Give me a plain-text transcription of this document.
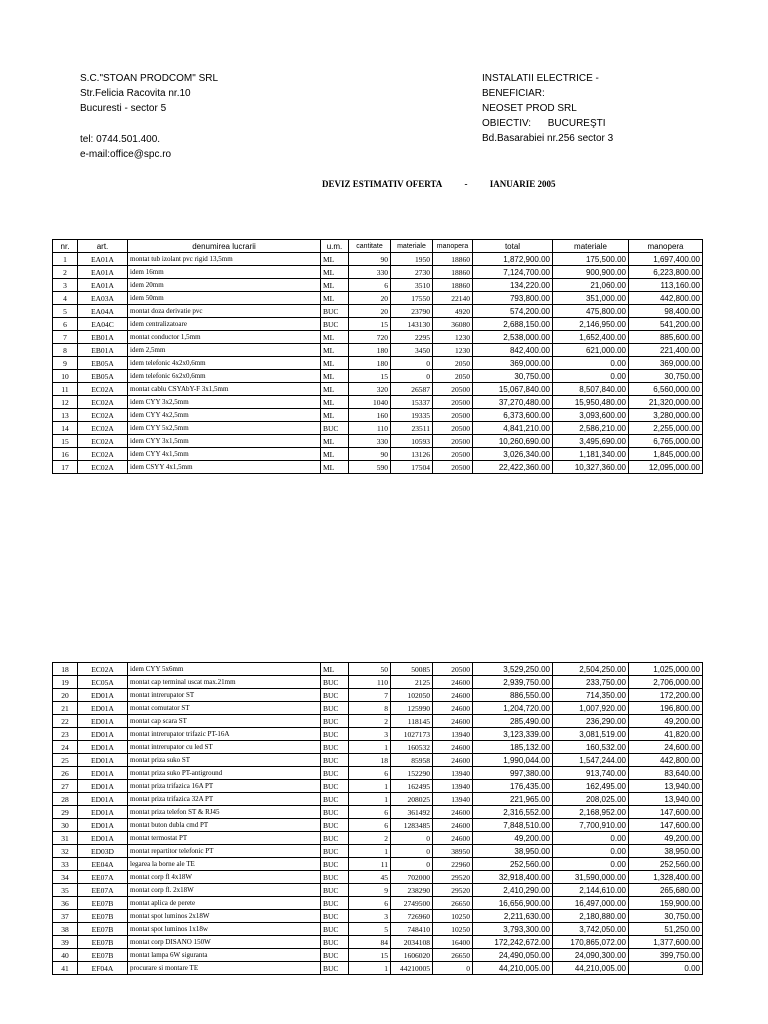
S.C."STOAN PRODCOM" SRL
Str.Felicia Racovita nr.10
Bucuresti - sector 5
tel: 0744.501.400.
e-mail:office@spc.ro
INSTALATII ELECTRICE -
BENEFICIAR:
NEOSET PROD SRL
OBIECTIV:      BUCUREŞTI
Bd.Basarabiei nr.256 sector 3
DEVIZ ESTIMATIV OFERTA - IANUARIE 2005
nr.	art.	denumirea lucrarii	u.m.	cantitate	materiale	manopera	total	materiale	manopera
1	EA01A	montat tub izolant pvc rigid 13,5mm	ML	90	1950	18860	1,872,900.00	175,500.00	1,697,400.00
2	EA01A	idem 16mm	ML	330	2730	18860	7,124,700.00	900,900.00	6,223,800.00
3	EA01A	idem 20mm	ML	6	3510	18860	134,220.00	21,060.00	113,160.00
4	EA03A	idem 50mm	ML	20	17550	22140	793,800.00	351,000.00	442,800.00
5	EA04A	montat doza derivatie pvc	BUC	20	23790	4920	574,200.00	475,800.00	98,400.00
6	EA04C	idem centralizatoare	BUC	15	143130	36080	2,688,150.00	2,146,950.00	541,200.00
7	EB01A	montat conductor 1,5mm	ML	720	2295	1230	2,538,000.00	1,652,400.00	885,600.00
8	EB01A	idem 2,5mm	ML	180	3450	1230	842,400.00	621,000.00	221,400.00
9	EB05A	idem telefonic 4x2x0,6mm	ML	180	0	2050	369,000.00	0.00	369,000.00
10	EB05A	idem telefonic 6x2x0,6mm	ML	15	0	2050	30,750.00	0.00	30,750.00
11	EC02A	montat cablu CSYAbY-F 3x1,5mm	ML	320	26587	20500	15,067,840.00	8,507,840.00	6,560,000.00
12	EC02A	idem CYY 3x2,5mm	ML	1040	15337	20500	37,270,480.00	15,950,480.00	21,320,000.00
13	EC02A	idem CYY 4x2,5mm	ML	160	19335	20500	6,373,600.00	3,093,600.00	3,280,000.00
14	EC02A	idem CYY 5x2,5mm	BUC	110	23511	20500	4,841,210.00	2,586,210.00	2,255,000.00
15	EC02A	idem CYY 3x1,5mm	ML	330	10593	20500	10,260,690.00	3,495,690.00	6,765,000.00
16	EC02A	idem CYY 4x1,5mm	ML	90	13126	20500	3,026,340.00	1,181,340.00	1,845,000.00
17	EC02A	idem CSYY 4x1,5mm	ML	590	17504	20500	22,422,360.00	10,327,360.00	12,095,000.00
18	EC02A	idem CYY 5x6mm	ML	50	50085	20500	3,529,250.00	2,504,250.00	1,025,000.00
19	EC05A	montat cap terminal uscat max.21mm	BUC	110	2125	24600	2,939,750.00	233,750.00	2,706,000.00
20	ED01A	montat intrerupator ST	BUC	7	102050	24600	886,550.00	714,350.00	172,200.00
21	ED01A	montat comutator ST	BUC	8	125990	24600	1,204,720.00	1,007,920.00	196,800.00
22	ED01A	montat cap scara ST	BUC	2	118145	24600	285,490.00	236,290.00	49,200.00
23	ED01A	montat intrerupator trifazic PT-16A	BUC	3	1027173	13940	3,123,339.00	3,081,519.00	41,820.00
24	ED01A	montat intrerupator cu led ST	BUC	1	160532	24600	185,132.00	160,532.00	24,600.00
25	ED01A	montat priza suko ST	BUC	18	85958	24600	1,990,044.00	1,547,244.00	442,800.00
26	ED01A	montat priza suko PT-antiground	BUC	6	152290	13940	997,380.00	913,740.00	83,640.00
27	ED01A	montat priza trifazica 16A PT	BUC	1	162495	13940	176,435.00	162,495.00	13,940.00
28	ED01A	montat priza trifazica 32A PT	BUC	1	208025	13940	221,965.00	208,025.00	13,940.00
29	ED01A	montat priza telefon ST & RJ45	BUC	6	361492	24600	2,316,552.00	2,168,952.00	147,600.00
30	ED01A	montat buton dubla cmd PT	BUC	6	1283485	24600	7,848,510.00	7,700,910.00	147,600.00
31	ED01A	montat termostat PT	BUC	2	0	24600	49,200.00	0.00	49,200.00
32	ED03D	montat repartitor telefonic PT	BUC	1	0	38950	38,950.00	0.00	38,950.00
33	EE04A	legarea la borne ale TE	BUC	11	0	22960	252,560.00	0.00	252,560.00
34	EE07A	montat corp fl 4x18W	BUC	45	702000	29520	32,918,400.00	31,590,000.00	1,328,400.00
35	EE07A	montat corp fl. 2x18W	BUC	9	238290	29520	2,410,290.00	2,144,610.00	265,680.00
36	EE07B	montat aplica de perete	BUC	6	2749500	26650	16,656,900.00	16,497,000.00	159,900.00
37	EE07B	montat spot luminos 2x18W	BUC	3	726960	10250	2,211,630.00	2,180,880.00	30,750.00
38	EE07B	montat spot luminos 1x18w	BUC	5	748410	10250	3,793,300.00	3,742,050.00	51,250.00
39	EE07B	montat corp DISANO 150W	BUC	84	2034108	16400	172,242,672.00	170,865,072.00	1,377,600.00
40	EE07B	montat lampa 6W siguranta	BUC	15	1606020	26650	24,490,050.00	24,090,300.00	399,750.00
41	EF04A	procurare si montare TE	BUC	1	44210005	0	44,210,005.00	44,210,005.00	0.00
